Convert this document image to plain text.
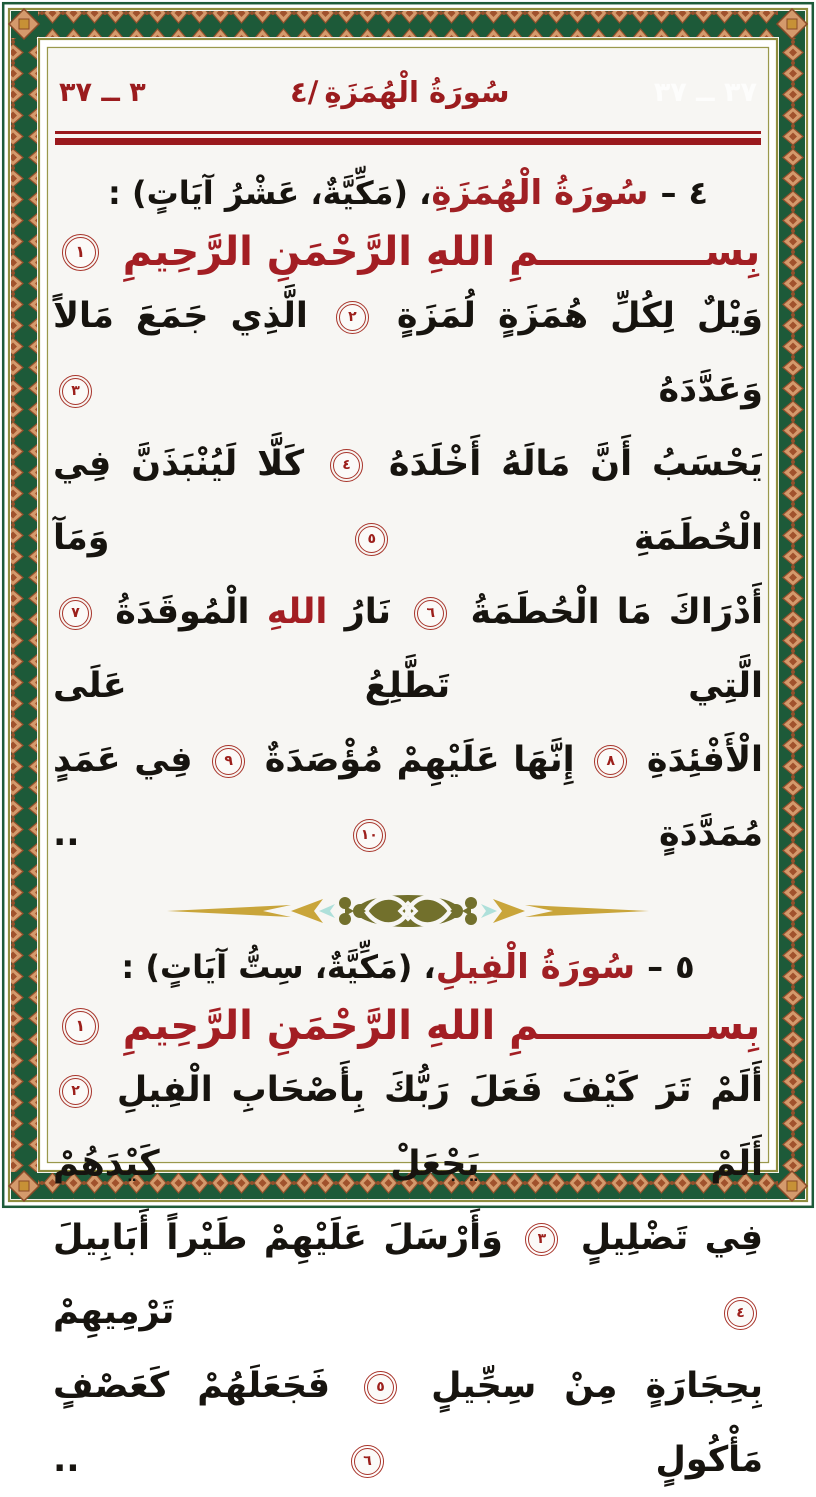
٣٧ ــ ٣	٤/ سُورَةُ الْهُمَزَةِ	٣٧ ــ ٣٧
٤–سُورَةُ الْهُمَزَةِ، (مَكِّيَّةٌ، عَشْرُ آيَاتٍ) :
بِســــــــــــمِ اللهِ الرَّحْمَنِ الرَّحِيمِ
١
وَيْلٌ لِكُلِّ هُمَزَةٍ لُمَزَةٍ ٢ الَّذِي جَمَعَ مَالاً وَعَدَّدَهُ ٣
يَحْسَبُ أَنَّ مَالَهُ أَخْلَدَهُ ٤ كَلَّا لَيُنْبَذَنَّ فِي الْحُطَمَةِ ٥ وَمَآ
أَدْرَاكَ مَا الْحُطَمَةُ ٦ نَارُ اللهِ الْمُوقَدَةُ ٧ الَّتِي تَطَّلِعُ عَلَى
الْأَفْئِدَةِ ٨ إِنَّهَا عَلَيْهِمْ مُؤْصَدَةٌ ٩ فِي عَمَدٍ مُمَدَّدَةٍ ١٠ ..
٥–سُورَةُ الْفِيلِ، (مَكِّيَّةٌ، سِتُّ آيَاتٍ) :
بِســــــــــــمِ اللهِ الرَّحْمَنِ الرَّحِيمِ
١
أَلَمْ تَرَ كَيْفَ فَعَلَ رَبُّكَ بِأَصْحَابِ الْفِيلِ ٢ أَلَمْ يَجْعَلْ كَيْدَهُمْ
فِي تَضْلِيلٍ ٣ وَأَرْسَلَ عَلَيْهِمْ طَيْراً أَبَابِيلَ ٤ تَرْمِيهِمْ
بِحِجَارَةٍ مِنْ سِجِّيلٍ ٥ فَجَعَلَهُمْ كَعَصْفٍ مَأْكُولٍ ٦ ..
